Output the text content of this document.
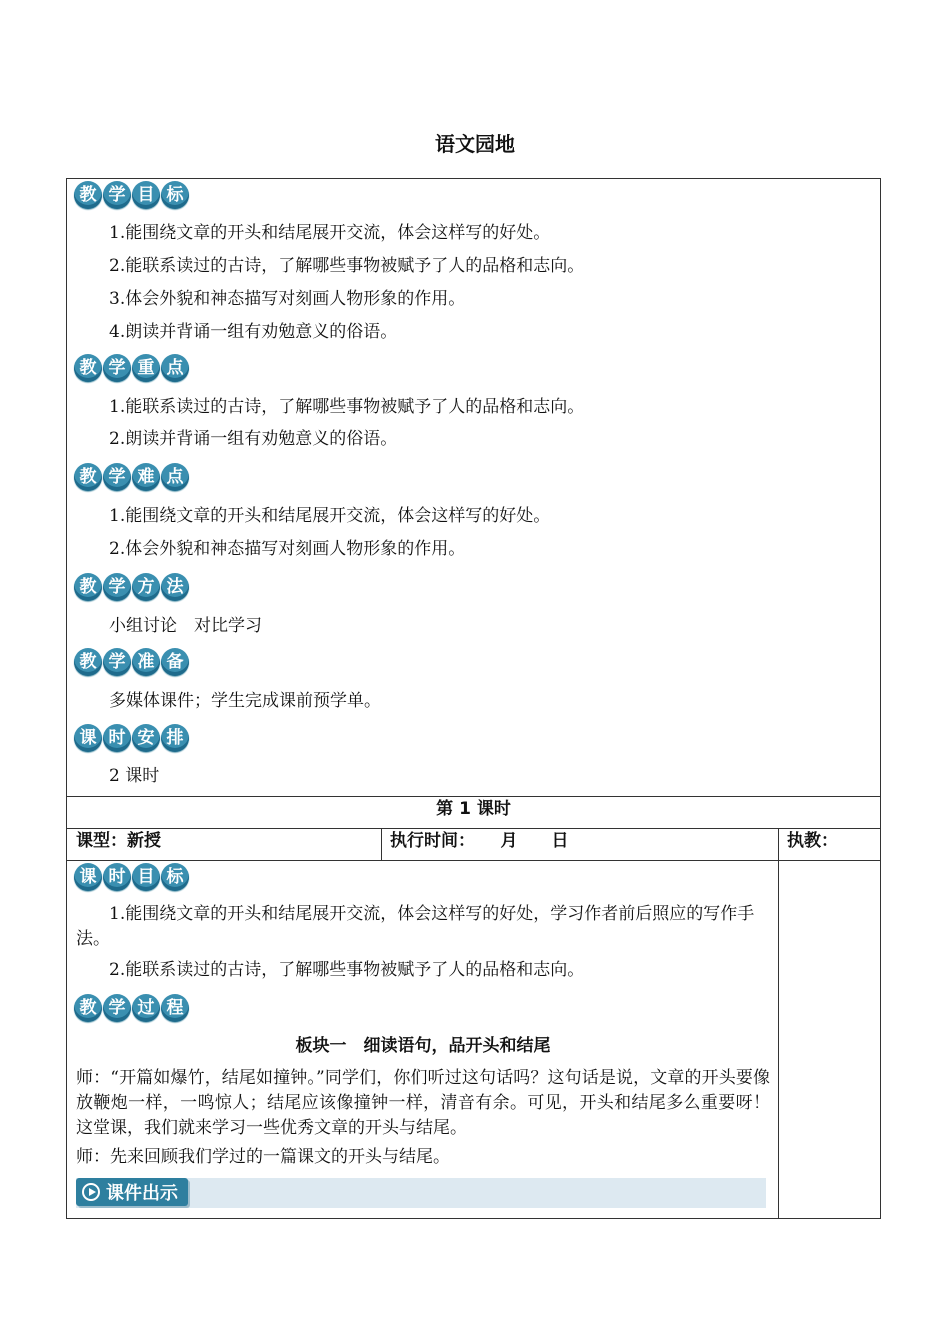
语文园地
教 学 目 标
1.能围绕文章的开头和结尾展开交流，体会这样写的好处。
2.能联系读过的古诗，了解哪些事物被赋予了人的品格和志向。
3.体会外貌和神态描写对刻画人物形象的作用。
4.朗读并背诵一组有劝勉意义的俗语。
教 学 重 点
1.能联系读过的古诗，了解哪些事物被赋予了人的品格和志向。
2.朗读并背诵一组有劝勉意义的俗语。
教 学 难 点
1.能围绕文章的开头和结尾展开交流，体会这样写的好处。
2.体会外貌和神态描写对刻画人物形象的作用。
教 学 方 法
小组讨论　对比学习
教 学 准 备
多媒体课件；学生完成课前预学单。
课 时 安 排
2 课时
第 1 课时
课型：新授	执行时间：　　月　　日	执教：
课 时 目 标
1.能围绕文章的开头和结尾展开交流，体会这样写的好处，学习作者前后照应的写作手法。
2.能联系读过的古诗，了解哪些事物被赋予了人的品格和志向。
教 学 过 程
板块一　细读语句，品开头和结尾
师：“开篇如爆竹，结尾如撞钟。”同学们，你们听过这句话吗？这句话是说，文章的开头要像放鞭炮一样，一鸣惊人；结尾应该像撞钟一样，清音有余。可见，开头和结尾多么重要呀！这堂课，我们就来学习一些优秀文章的开头与结尾。
师：先来回顾我们学过的一篇课文的开头与结尾。
课件出示
